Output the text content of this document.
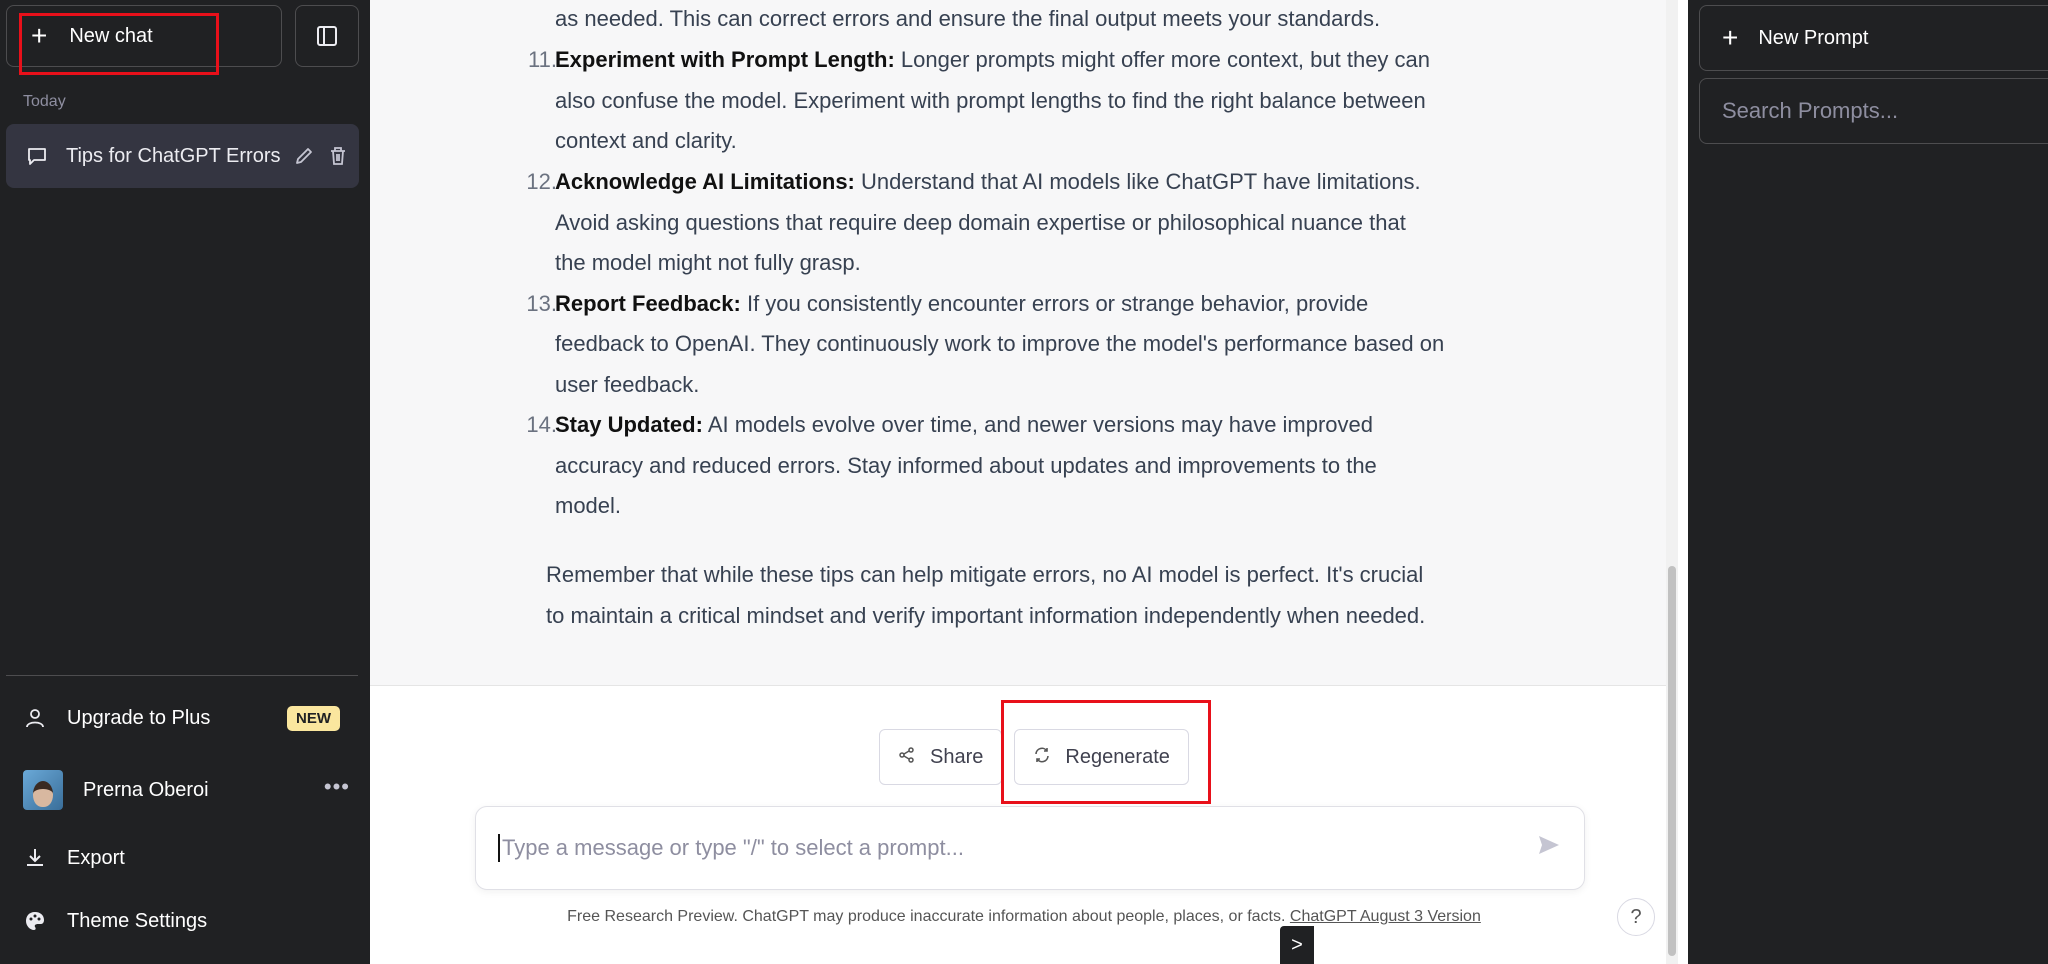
+ New chat
Today
Tips for ChatGPT Errors
Upgrade to Plus	NEW
Prerna Oberoi	•••
Export
Theme Settings
as needed. This can correct errors and ensure the final output meets your standards.
11.
Experiment with Prompt Length: Longer prompts might offer more context, but they can
also confuse the model. Experiment with prompt lengths to find the right balance between
context and clarity.
12.
Acknowledge AI Limitations: Understand that AI models like ChatGPT have limitations.
Avoid asking questions that require deep domain expertise or philosophical nuance that
the model might not fully grasp.
13.
Report Feedback: If you consistently encounter errors or strange behavior, provide
feedback to OpenAI. They continuously work to improve the model's performance based on
user feedback.
14.
Stay Updated: AI models evolve over time, and newer versions may have improved
accuracy and reduced errors. Stay informed about updates and improvements to the
model.
Remember that while these tips can help mitigate errors, no AI model is perfect. It's crucial
to maintain a critical mindset and verify important information independently when needed.
Share	Regenerate
Type a message or type "/" to select a prompt...
Free Research Preview. ChatGPT may produce inaccurate information about people, places, or facts. ChatGPT August 3 Version	?
>
+ New Prompt
Search Prompts...
